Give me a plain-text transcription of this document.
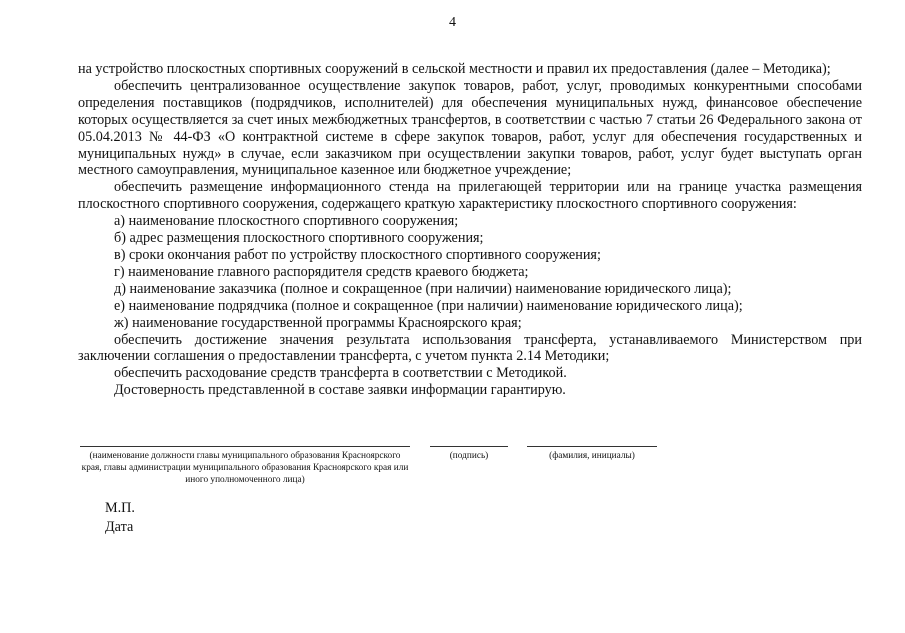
4

на устройство плоскостных спортивных сооружений в сельской местности и правил их предоставления (далее – Методика);

обеспечить централизованное осуществление закупок товаров, работ, услуг, проводимых конкурентными способами определения поставщиков (подрядчиков, исполнителей) для обеспечения муниципальных нужд, финансовое обеспечение которых осуществляется за счет иных межбюджетных трансфертов, в соответствии с частью 7 статьи 26 Федерального закона от 05.04.2013 № 44-ФЗ «О контрактной системе в сфере закупок товаров, работ, услуг для обеспечения государственных и муниципальных нужд» в случае, если заказчиком при осуществлении закупки товаров, работ, услуг будет выступать орган местного самоуправления, муниципальное казенное или бюджетное учреждение;

обеспечить размещение информационного стенда на прилегающей территории или на границе участка размещения плоскостного спортивного сооружения, содержащего краткую характеристику плоскостного спортивного сооружения:

а) наименование плоскостного спортивного сооружения;

б) адрес размещения плоскостного спортивного сооружения;

в) сроки окончания работ по устройству плоскостного спортивного сооружения;

г) наименование главного распорядителя средств краевого бюджета;

д) наименование заказчика (полное и сокращенное (при наличии) наименование юридического лица);

е) наименование подрядчика (полное и сокращенное (при наличии) наименование юридического лица);

ж) наименование государственной программы Красноярского края;

обеспечить достижение значения результата использования трансферта, устанавливаемого Министерством при заключении соглашения о предоставлении трансферта, с учетом пункта 2.14 Методики;

обеспечить расходование средств трансферта в соответствии с Методикой.

Достоверность представленной в составе заявки информации гарантирую.

(наименование должности главы муниципального образования Красноярского края, главы администрации муниципального образования Красноярского края или иного уполномоченного лица)
(подпись)	(фамилия, инициалы)
М.П.
Дата
